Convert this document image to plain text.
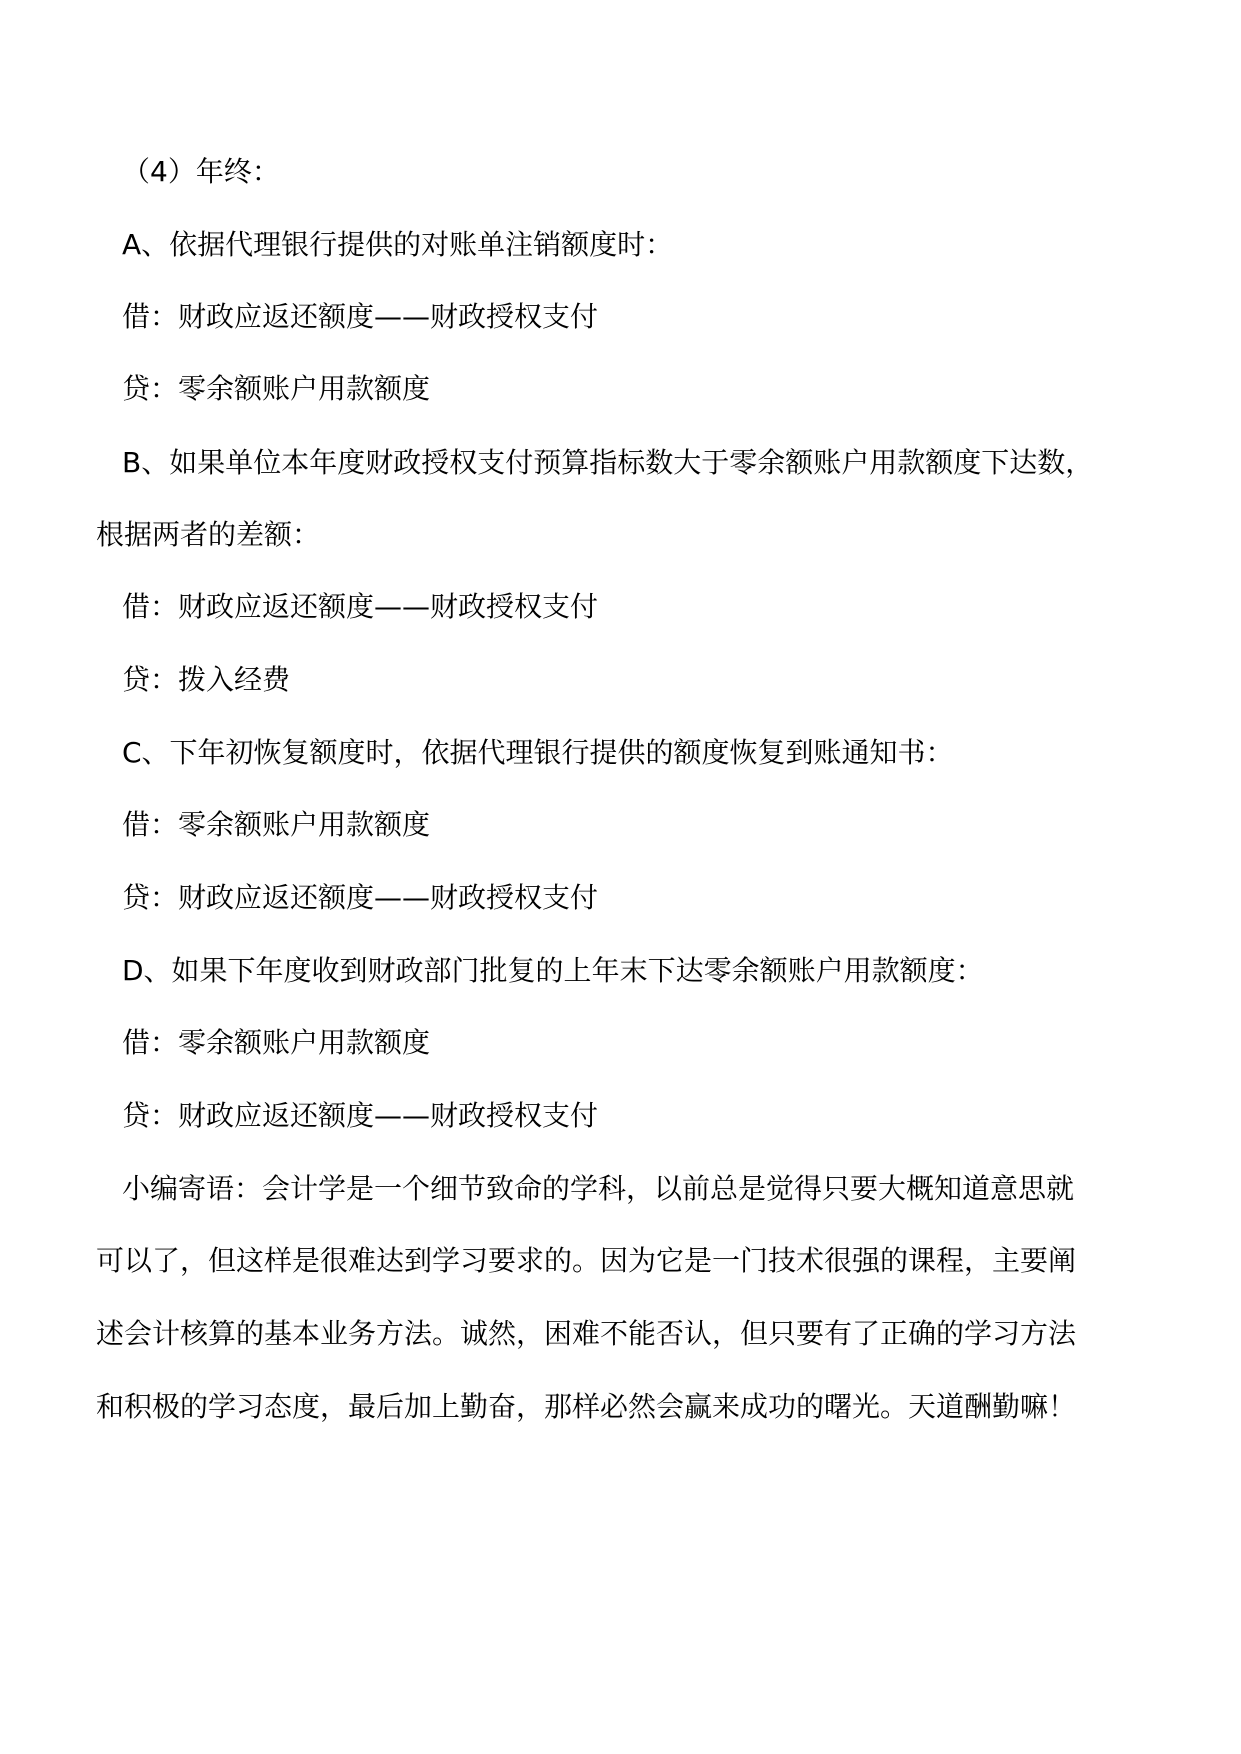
（4）年终：
A、依据代理银行提供的对账单注销额度时：
借：财政应返还额度——财政授权支付
贷：零余额账户用款额度
B、如果单位本年度财政授权支付预算指标数大于零余额账户用款额度下达数，
根据两者的差额：
借：财政应返还额度——财政授权支付
贷：拨入经费
C、下年初恢复额度时，依据代理银行提供的额度恢复到账通知书：
借：零余额账户用款额度
贷：财政应返还额度——财政授权支付
D、如果下年度收到财政部门批复的上年末下达零余额账户用款额度：
借：零余额账户用款额度
贷：财政应返还额度——财政授权支付
小编寄语：会计学是一个细节致命的学科，以前总是觉得只要大概知道意思就
可以了，但这样是很难达到学习要求的。因为它是一门技术很强的课程，主要阐
述会计核算的基本业务方法。诚然，困难不能否认，但只要有了正确的学习方法
和积极的学习态度，最后加上勤奋，那样必然会赢来成功的曙光。天道酬勤嘛！
